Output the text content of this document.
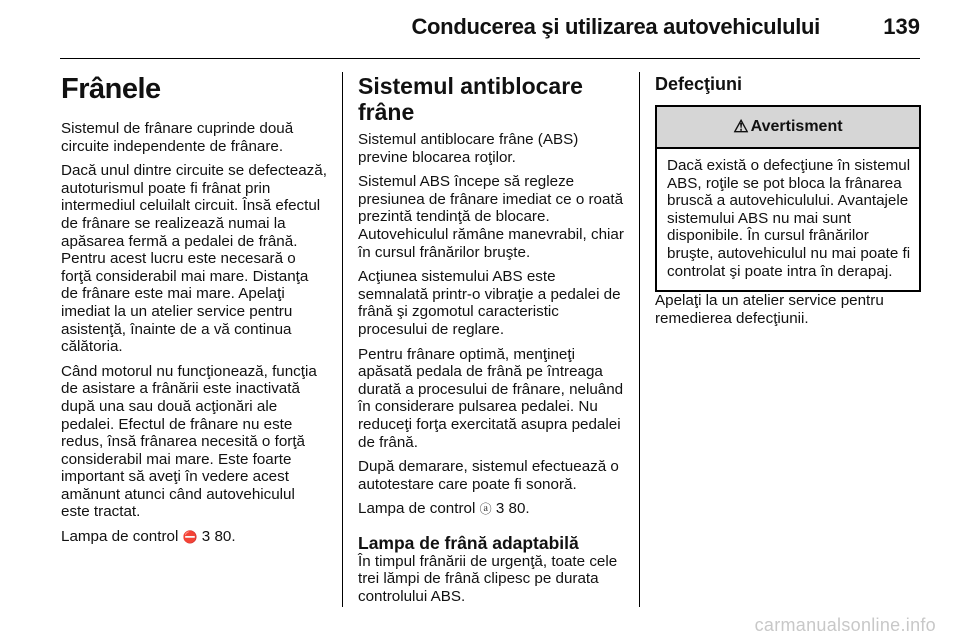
Conducerea şi utilizarea autovehiculului	139
Frânele

Sistemul de frânare cuprinde două circuite independente de frânare.

Dacă unul dintre circuite se defectează, autoturismul poate fi frânat prin intermediul celuilalt circuit. Însă efectul de frânare se realizează numai la apăsarea fermă a pedalei de frână. Pentru acest lucru este necesară o forţă considerabil mai mare. Distanţa de frânare este mai mare. Apelaţi imediat la un atelier service pentru asistenţă, înainte de a vă continua călătoria.

Când motorul nu funcţionează, funcţia de asistare a frânării este inactivată după una sau două acţionări ale pedalei. Efectul de frânare nu este redus, însă frânarea necesită o forţă considerabil mai mare. Este foarte important să aveţi în vedere acest amănunt atunci când autovehiculul este tractat.

Lampa de control ⛔ 3 80.

Sistemul antiblocare frâne

Sistemul antiblocare frâne (ABS) previne blocarea roţilor.

Sistemul ABS începe să regleze presiunea de frânare imediat ce o roată prezintă tendinţă de blocare. Autovehiculul rămâne manevrabil, chiar în cursul frânărilor bruşte.

Acţiunea sistemului ABS este semnalată printr-o vibraţie a pedalei de frână şi zgomotul caracteristic procesului de reglare.

Pentru frânare optimă, menţineţi apăsată pedala de frână pe întreaga durată a procesului de frânare, neluând în considerare pulsarea pedalei. Nu reduceţi forţa exercitată asupra pedalei de frână.

După demarare, sistemul efectuează o autotestare care poate fi sonoră.

Lampa de control ⓐ 3 80.

Lampa de frână adaptabilă

În timpul frânării de urgenţă, toate cele trei lămpi de frână clipesc pe durata controlului ABS.

Defecţiuni
⚠ Avertisment
Dacă există o defecţiune în sistemul ABS, roţile se pot bloca la frânarea bruscă a autovehiculului. Avantajele sistemului ABS nu mai sunt disponibile. În cursul frânărilor bruşte, autovehiculul nu mai poate fi controlat şi poate intra în derapaj.

Apelaţi la un atelier service pentru remedierea defecţiunii.

carmanualsonline.info
